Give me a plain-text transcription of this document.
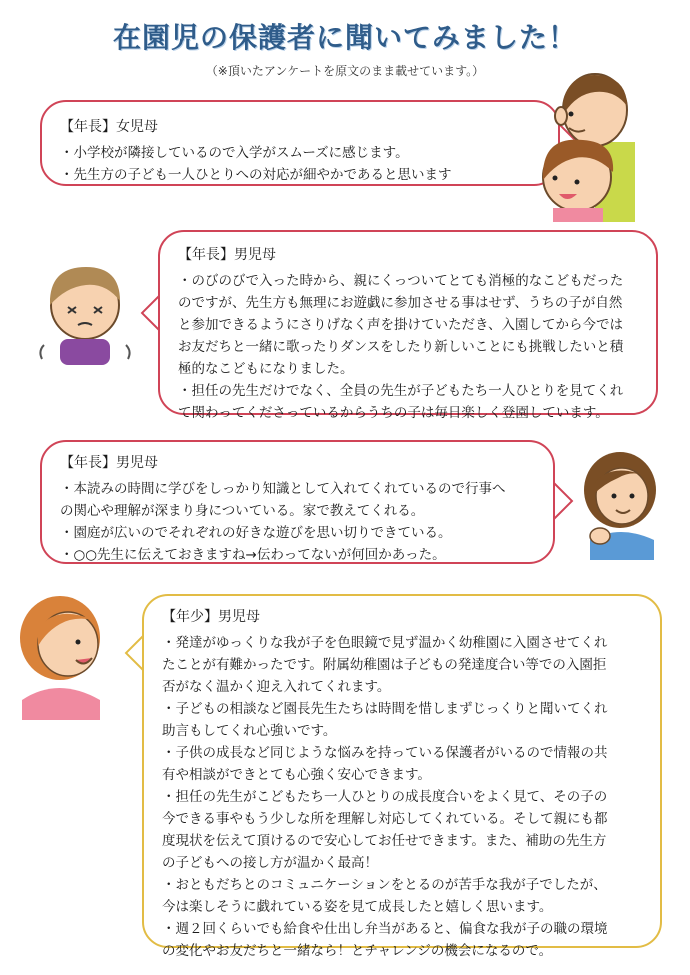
在園児の保護者に聞いてみました！
（※頂いたアンケートを原文のまま載せています。）
【年長】女児母
・小学校が隣接しているので入学がスムーズに感じます。
・先生方の子ども一人ひとりへの対応が細やかであると思います
【年長】男児母
・のびのびで入った時から、親にくっついてとても消極的なこどもだった
のですが、先生方も無理にお遊戯に参加させる事はせず、うちの子が自然
と参加できるようにさりげなく声を掛けていただき、入園してから今では
お友だちと一緒に歌ったりダンスをしたり新しいことにも挑戦したいと積
極的なこどもになりました。
・担任の先生だけでなく、全員の先生が子どもたち一人ひとりを見てくれ
て関わってくださっているからうちの子は毎日楽しく登園しています。
【年長】男児母
・本読みの時間に学びをしっかり知識として入れてくれているので行事へ
の関心や理解が深まり身についている。家で教えてくれる。
・園庭が広いのでそれぞれの好きな遊びを思い切りできている。
・○○先生に伝えておきますね→伝わってないが何回かあった。
【年少】男児母
・発達がゆっくりな我が子を色眼鏡で見ず温かく幼稚園に入園させてくれ
たことが有難かったです。附属幼稚園は子どもの発達度合い等での入園拒
否がなく温かく迎え入れてくれます。
・子どもの相談など園長先生たちは時間を惜しまずじっくりと聞いてくれ
助言もしてくれ心強いです。
・子供の成長など同じような悩みを持っている保護者がいるので情報の共
有や相談ができとても心強く安心できます。
・担任の先生がこどもたち一人ひとりの成長度合いをよく見て、その子の
今できる事やもう少しな所を理解し対応してくれている。そして親にも都
度現状を伝えて頂けるので安心してお任せできます。また、補助の先生方
の子どもへの接し方が温かく最高！
・おともだちとのコミュニケーションをとるのが苦手な我が子でしたが、
今は楽しそうに戯れている姿を見て成長したと嬉しく思います。
・週２回くらいでも給食や仕出し弁当があると、偏食な我が子の職の環境
の変化やお友だちと一緒なら！とチャレンジの機会になるので。
